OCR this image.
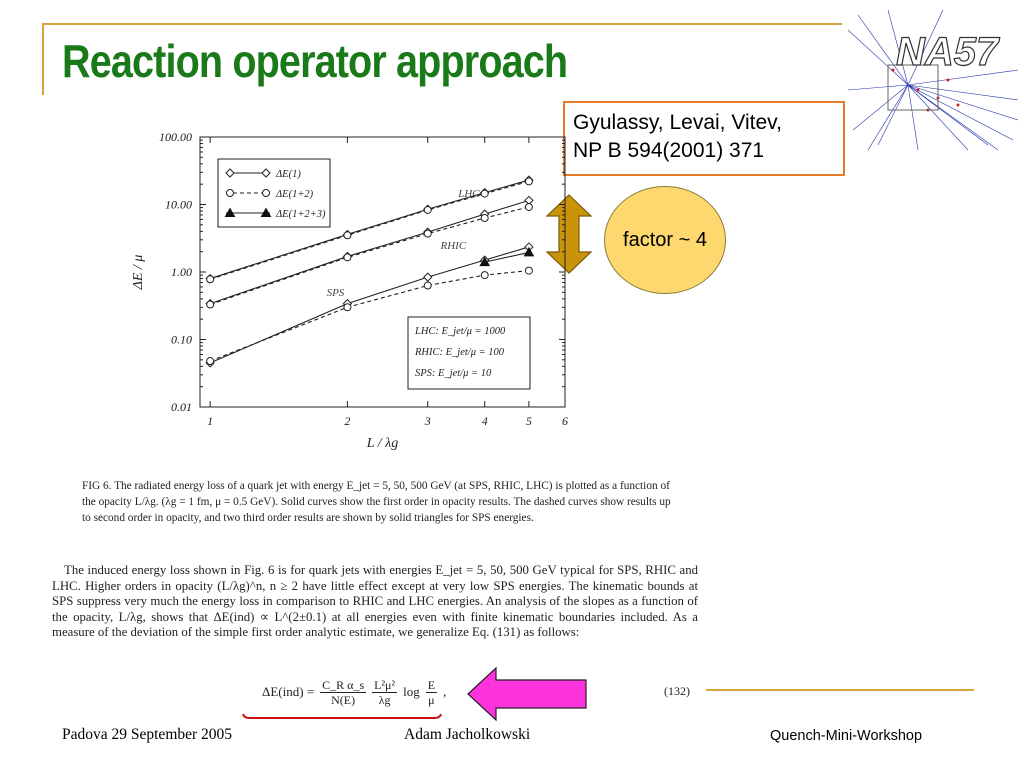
Reaction operator approach	NA57
Gyulassy, Levai, Vitev,
NP B 594(2001) 371
factor ~ 4
0.01
0.10
1.00
10.00
100.00
1	2	3	4	5	6
L / λg
ΔE / μ
LHC
RHIC
SPS
ΔE(1)
ΔE(1+2)
ΔE(1+2+3)
LHC: E_jet/μ = 1000
RHIC: E_jet/μ = 100
SPS: E_jet/μ = 10
FIG 6. The radiated energy loss of a quark jet with energy E_jet = 5, 50, 500 GeV (at SPS, RHIC, LHC) is plotted as a function of the opacity L/λg. (λg = 1 fm, μ = 0.5 GeV). Solid curves show the first order in opacity results. The dashed curves show results up to second order in opacity, and two third order results are shown by solid triangles for SPS energies.
The induced energy loss shown in Fig. 6 is for quark jets with energies E_jet = 5, 50, 500 GeV typical for SPS, RHIC and LHC. Higher orders in opacity (L/λg)^n, n ≥ 2 have little effect except at very low SPS energies. The kinematic bounds at SPS suppress very much the energy loss in comparison to RHIC and LHC energies. An analysis of the slopes as a function of the opacity, L/λg, shows that ΔE(ind) ∝ L^(2±0.1) at all energies even with finite kinematic boundaries included. As a measure of the deviation of the simple first order analytic estimate, we generalize Eq. (131) as follows:
$\Delta E(ind) = \frac{\text{C\_R α\_s}}{N(E)} \frac{\text{L²μ²}}{\lambda g}$ $\log \frac{E}{\mu}$ ,	(132)
Padova 29 September 2005	Adam Jacholkowski	Quench-Mini-Workshop
